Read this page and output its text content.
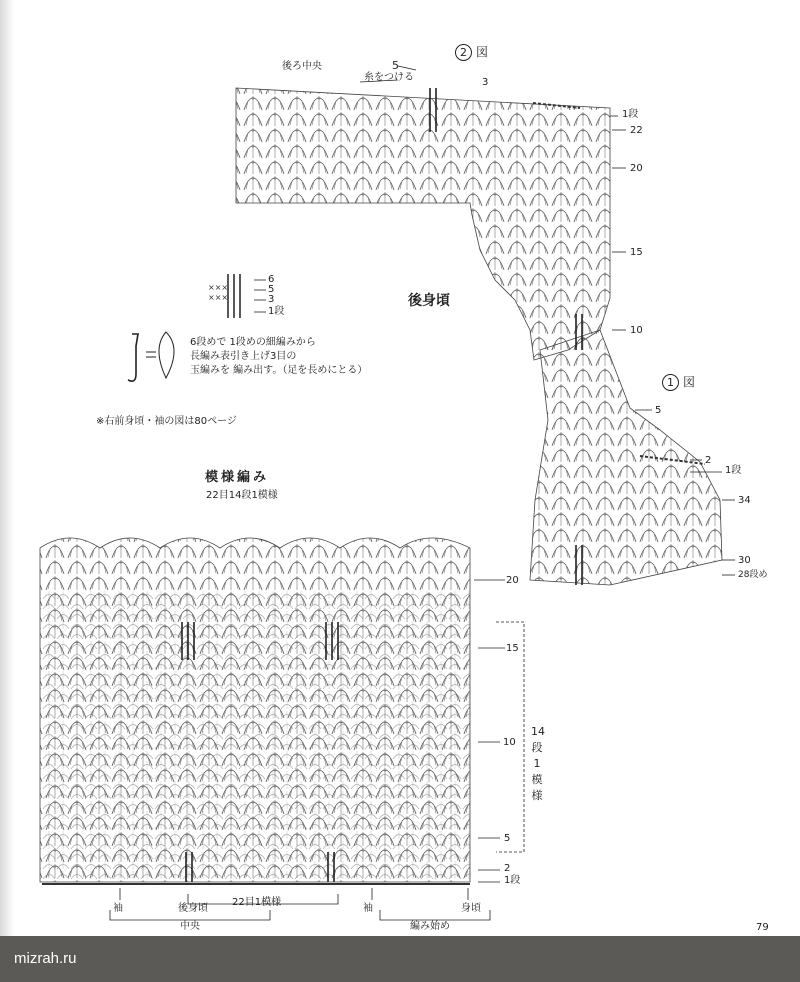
×××
×××
2 図
後ろ中央
糸をつける
5
3
1段
22
20
15
10
後身頃
1 図
5
2
1段
34
30
28段め
6
5
3
1段
6段めで 1段めの細編みから
長編み表引き上げ3目の
玉編みを 編み出す。（足を長めにとる）
※右前身頃・袖の図は80ページ
模様編み
22目14段1模様
20
15
10
5
2
1段
14
段
1
模
様
袖	後身頃
22目1模様
袖	身頃
中央	編み始め	79
mizrah.ru
